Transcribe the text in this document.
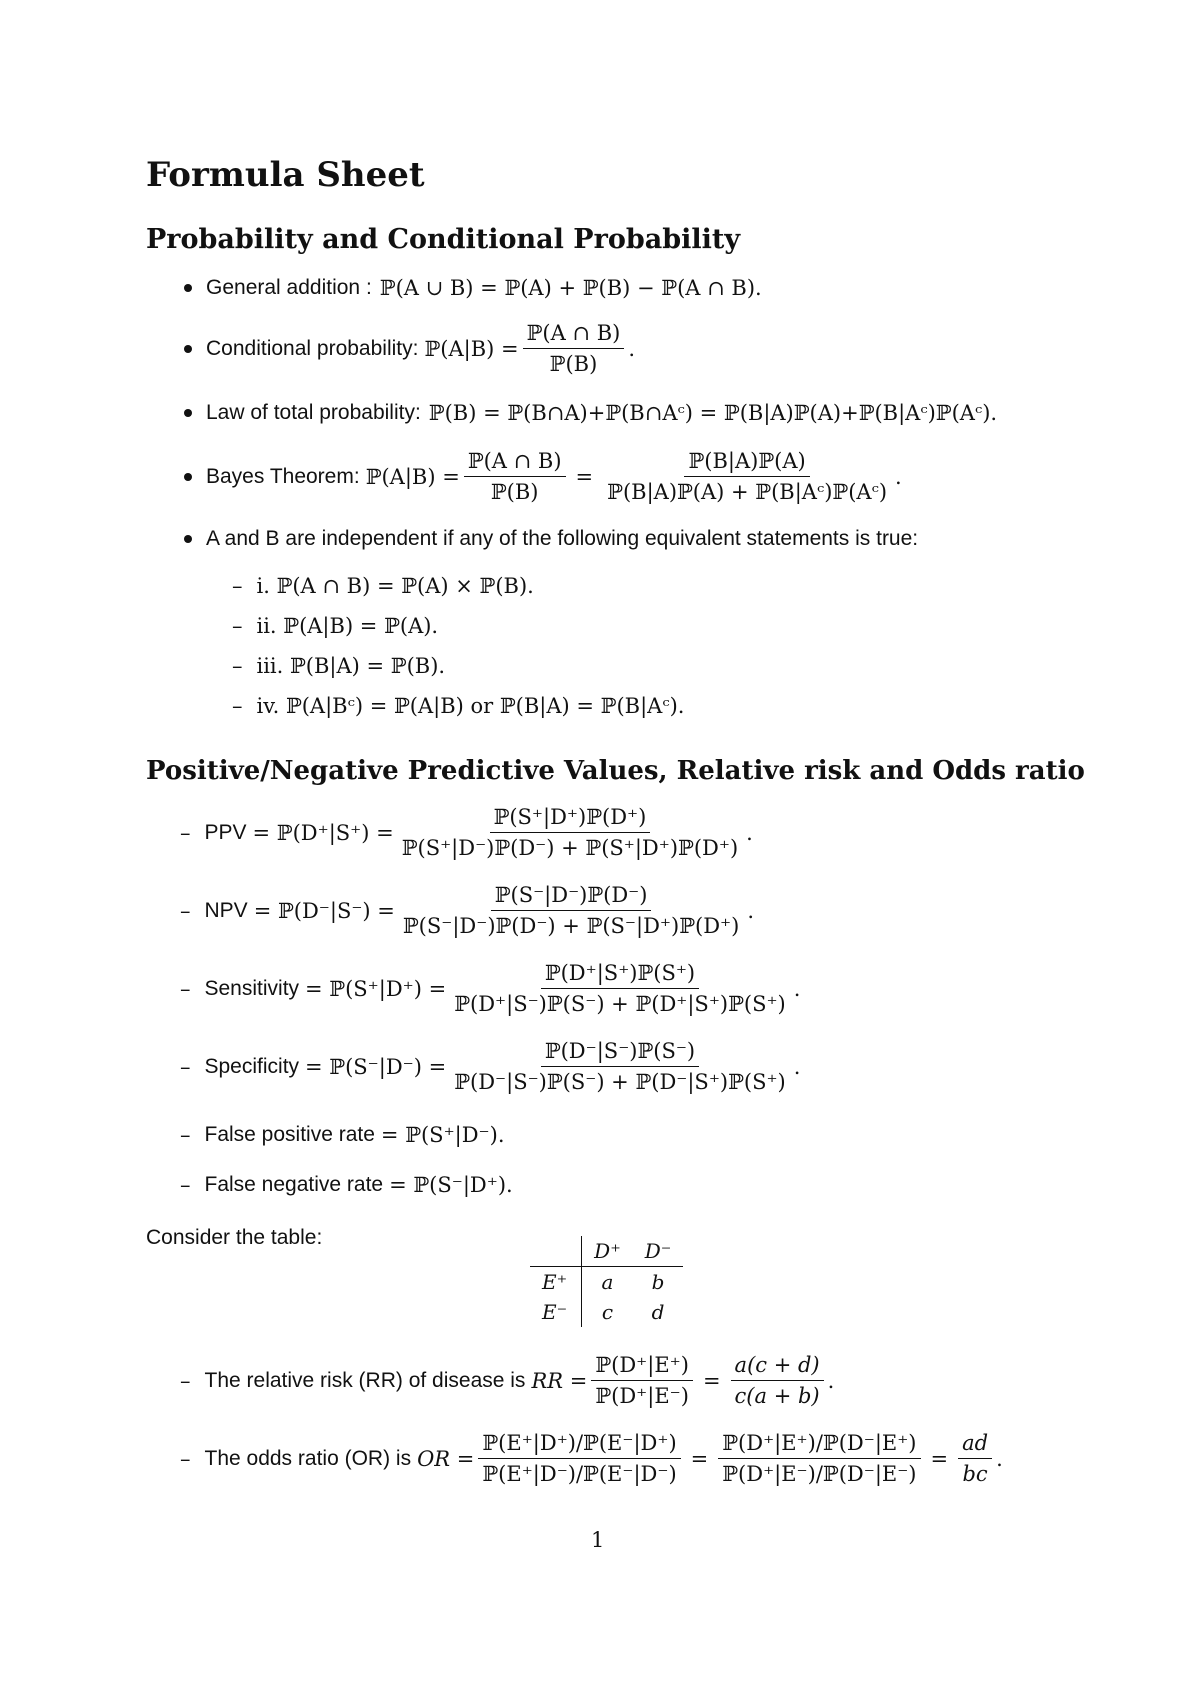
Formula Sheet
Probability and Conditional Probability
General addition : ℙ(A ∪ B) = ℙ(A) + ℙ(B) − ℙ(A ∩ B).
Conditional probability: ℙ(A|B) = $\frac{\text{ℙ(A ∩ B)}}{\text{ℙ(B)}}$ .
Law of total probability: ℙ(B) = ℙ(B∩A)+ℙ(B∩Aᶜ) = ℙ(B|A)ℙ(A)+ℙ(B|Aᶜ)ℙ(Aᶜ).
Bayes Theorem: ℙ(A|B) = $\frac{\text{ℙ(A ∩ B)}}{\text{ℙ(B)}} = \frac{\text{ℙ(B|A)ℙ(A)}}{\text{ℙ(B|A)ℙ(A) + ℙ(B|Aᶜ)ℙ(Aᶜ)}}$ .
A and B are independent if any of the following equivalent statements is true:
– i. ℙ(A ∩ B) = ℙ(A) × ℙ(B).
– ii. ℙ(A|B) = ℙ(A).
– iii. ℙ(B|A) = ℙ(B).
– iv. ℙ(A|Bᶜ) = ℙ(A|B) or ℙ(B|A) = ℙ(B|Aᶜ).
Positive/Negative Predictive Values, Relative risk and Odds ratio
– PPV = ℙ(D⁺|S⁺) = $\frac{\text{ℙ(S⁺|D⁺)ℙ(D⁺)}}{\text{ℙ(S⁺|D⁻)ℙ(D⁻) + ℙ(S⁺|D⁺)ℙ(D⁺)}}$ .
– NPV = ℙ(D⁻|S⁻) = $\frac{\text{ℙ(S⁻|D⁻)ℙ(D⁻)}}{\text{ℙ(S⁻|D⁻)ℙ(D⁻) + ℙ(S⁻|D⁺)ℙ(D⁺)}}$ .
– Sensitivity = ℙ(S⁺|D⁺) = $\frac{\text{ℙ(D⁺|S⁺)ℙ(S⁺)}}{\text{ℙ(D⁺|S⁻)ℙ(S⁻) + ℙ(D⁺|S⁺)ℙ(S⁺)}}$ .
– Specificity = ℙ(S⁻|D⁻) = $\frac{\text{ℙ(D⁻|S⁻)ℙ(S⁻)}}{\text{ℙ(D⁻|S⁻)ℙ(S⁻) + ℙ(D⁻|S⁺)ℙ(S⁺)}}$ .
– False positive rate = ℙ(S⁺|D⁻).
– False negative rate = ℙ(S⁻|D⁺).
Consider the table:
	D⁺	D⁻
E⁺	a	b
E⁻	c	d
– The relative risk (RR) of disease is RR = $\frac{\text{ℙ(D⁺|E⁺)}}{\text{ℙ(D⁺|E⁻)}} = \frac{a(c + d)}{c(a + b)}$ .
– The odds ratio (OR) is OR = $\frac{\text{ℙ(E⁺|D⁺)/ℙ(E⁻|D⁺)}}{\text{ℙ(E⁺|D⁻)/ℙ(E⁻|D⁻)}} = \frac{\text{ℙ(D⁺|E⁺)/ℙ(D⁻|E⁺)}}{\text{ℙ(D⁺|E⁻)/ℙ(D⁻|E⁻)}} = \frac{ad}{bc}$ .
1
